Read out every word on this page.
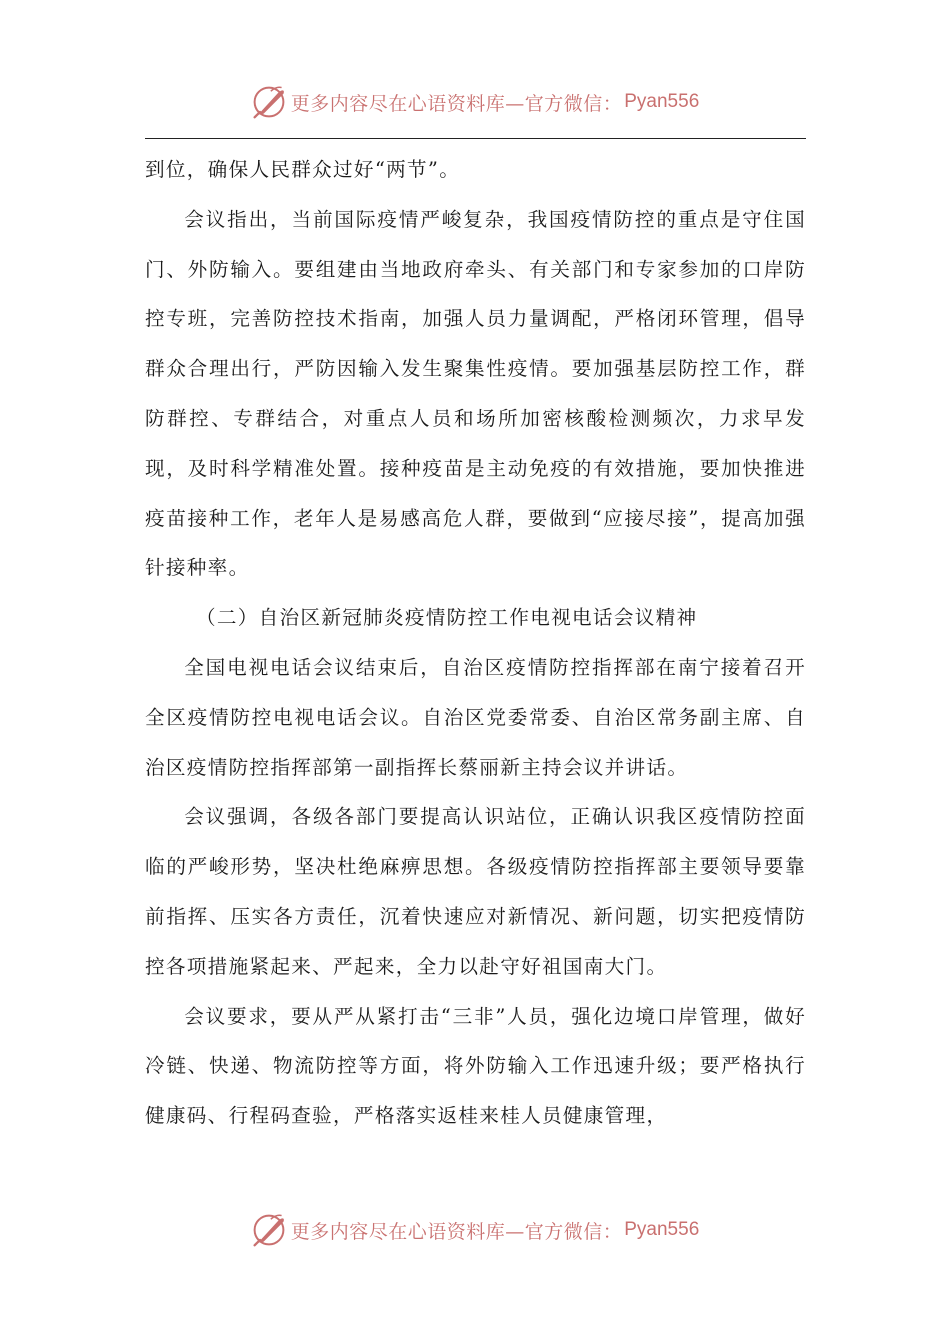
更多内容尽在心语资料库—官方微信： Pyan556

到位，确保人民群众过好“两节”。

会议指出，当前国际疫情严峻复杂，我国疫情防控的重点是守住国门、外防输入。要组建由当地政府牵头、有关部门和专家参加的口岸防控专班，完善防控技术指南，加强人员力量调配，严格闭环管理，倡导群众合理出行，严防因输入发生聚集性疫情。要加强基层防控工作，群防群控、专群结合，对重点人员和场所加密核酸检测频次，力求早发现，及时科学精准处置。接种疫苗是主动免疫的有效措施，要加快推进疫苗接种工作，老年人是易感高危人群，要做到“应接尽接”，提高加强针接种率。

（二）自治区新冠肺炎疫情防控工作电视电话会议精神

全国电视电话会议结束后，自治区疫情防控指挥部在南宁接着召开全区疫情防控电视电话会议。自治区党委常委、自治区常务副主席、自治区疫情防控指挥部第一副指挥长蔡丽新主持会议并讲话。

会议强调，各级各部门要提高认识站位，正确认识我区疫情防控面临的严峻形势，坚决杜绝麻痹思想。各级疫情防控指挥部主要领导要靠前指挥、压实各方责任，沉着快速应对新情况、新问题，切实把疫情防控各项措施紧起来、严起来，全力以赴守好祖国南大门。

会议要求，要从严从紧打击“三非”人员，强化边境口岸管理，做好冷链、快递、物流防控等方面，将外防输入工作迅速升级；要严格执行健康码、行程码查验，严格落实返桂来桂人员健康管理，

更多内容尽在心语资料库—官方微信： Pyan556
